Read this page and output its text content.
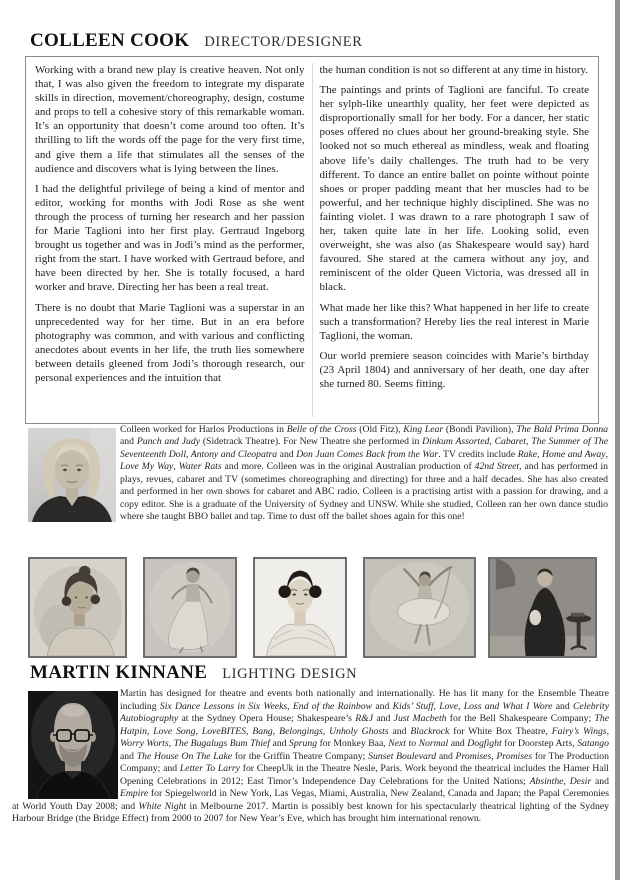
COLLEEN COOK DIRECTOR/DESIGNER

Working with a brand new play is creative heaven. Not only that, I was also given the freedom to integrate my disparate skills in direction, movement/choreography, design, costume and props to tell a cohesive story of this remarkable woman. It’s an opportunity that doesn’t come around too often. It’s thrilling to lift the words off the page for the very first time, and give them a life that stimulates all the senses of the audience and discovers what is lying between the lines.

I had the delightful privilege of being a kind of mentor and editor, working for months with Jodi Rose as she went through the process of turning her research and her passion for Marie Taglioni into her first play. Gertraud Ingeborg brought us together and was in Jodi’s mind as the performer, right from the start. I have worked with Gertraud before, and have been directed by her. She is totally focused, a hard worker and brave. Directing her has been a real treat.

There is no doubt that Marie Taglioni was a superstar in an unprecedented way for her time. But in an era before photography was common, and with various and conflicting anecdotes about events in her life, the truth lies somewhere between details gleened from Jodi’s thorough research, our personal experiences and the intuition that

the human condition is not so different at any time in history.

The paintings and prints of Taglioni are fanciful. To create her sylph-like unearthly quality, her feet were depicted as disproportionally small for her body. For a dancer, her static poses offered no clues about her ground-breaking style. She looked not so much ethereal as mindless, weak and floating above life’s daily challenges. The truth had to be very different. To dance an entire ballet on pointe without pointe shoes or proper padding meant that her muscles had to be powerful, and her technique highly disciplined. She was no fainting violet. I was drawn to a rare photograph I saw of her, taken quite late in her life. Looking solid, even overweight, she was also (as Shakespeare would say) hard favoured. She stared at the camera without any joy, and reminiscent of the older Queen Victoria, was dressed all in black.

What made her like this? What happened in her life to create such a transformation? Hereby lies the real interest in Marie Taglioni, the woman.

Our world premiere season coincides with Marie’s birthday (23 April 1804) and anniversary of her death, one day after she turned 80. Seems fitting.

Colleen worked for Harlos Productions in Belle of the Cross (Old Fitz), King Lear (Bondi Pavilion), The Bald Prima Donna and Punch and Judy (Sidetrack Theatre). For New Theatre she performed in Dinkum Assorted, Cabaret, The Summer of The Seventeenth Doll, Antony and Cleopatra and Don Juan Comes Back from the War. TV credits include Rake, Home and Away, Love My Way, Water Rats and more. Colleen was in the original Australian production of 42nd Street, and has performed in plays, revues, cabaret and TV (sometimes choreographing and directing) for three and a half decades. She has also created and performed in her own shows for cabaret and ABC radio. Colleen is a practising artist with a passion for drawing, and a copy editor. She is a graduate of the University of Sydney and UNSW. While she studied, Colleen ran her own dance studio where she taught BBO ballet and tap. Time to dust off the ballet shoes again for this one!
MARTIN KINNANE LIGHTING DESIGN
Martin has designed for theatre and events both nationally and internationally. He has lit many for the Ensemble Theatre including Six Dance Lessons in Six Weeks, End of the Rainbow and Kids’ Stuff, Love, Loss and What I Wore and Celebrity Autobiography at the Sydney Opera House; Shakespeare’s R&J and Just Macbeth for the Bell Shakespeare Company; The Hatpin, Love Song, LoveBITES, Bang, Belongings, Unholy Ghosts and Blackrock for White Box Theatre, Fairy’s Wings, Worry Worts, The Bugalugs Bum Thief and Sprung for Monkey Baa, Next to Normal and Dogfight for Doorstep Arts, Satango and The House On The Lake for the Griffin Theatre Company; Sunset Boulevard and Promises, Promises for The Production Company; and Letter To Larry for CheepUk in the Theatre Nesle, Paris. Work beyond the theatrical includes the Hamer Hall Opening Celebrations in 2012; East Timor’s Independence Day Celebrations for the United Nations; Absinthe, Desir and Empire for Spiegelworld in New York, Las Vegas, Miami, Australia, New Zealand, Canada and Japan; the Papal Ceremonies at World Youth Day 2008; and White Night in Melbourne 2017. Martin is possibly best known for his spectacularly theatrical lighting of the Sydney Harbour Bridge (the Bridge Effect) from 2000 to 2007 for New Year’s Eve, which has brought him international renown.
